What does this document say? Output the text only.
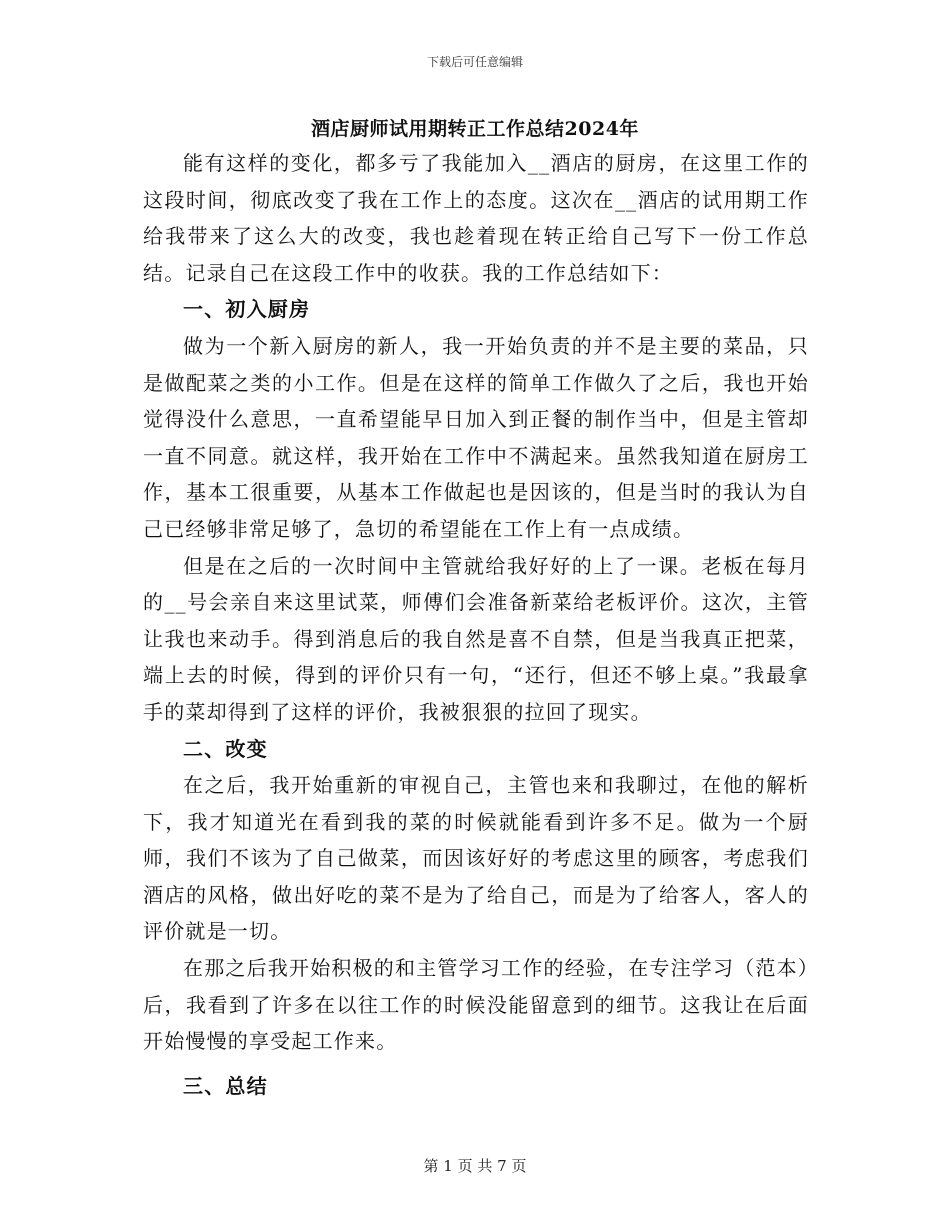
下载后可任意编辑
酒店厨师试用期转正工作总结2024年

能有这样的变化，都多亏了我能加入__酒店的厨房，在这里工作的这段时间，彻底改变了我在工作上的态度。这次在__酒店的试用期工作给我带来了这么大的改变，我也趁着现在转正给自己写下一份工作总结。记录自己在这段工作中的收获。我的工作总结如下：

一、初入厨房

做为一个新入厨房的新人，我一开始负责的并不是主要的菜品，只是做配菜之类的小工作。但是在这样的简单工作做久了之后，我也开始觉得没什么意思，一直希望能早日加入到正餐的制作当中，但是主管却一直不同意。就这样，我开始在工作中不满起来。虽然我知道在厨房工作，基本工很重要，从基本工作做起也是因该的，但是当时的我认为自己已经够非常足够了，急切的希望能在工作上有一点成绩。

但是在之后的一次时间中主管就给我好好的上了一课。老板在每月的__号会亲自来这里试菜，师傅们会准备新菜给老板评价。这次，主管让我也来动手。得到消息后的我自然是喜不自禁，但是当我真正把菜，端上去的时候，得到的评价只有一句，“还行，但还不够上桌。”我最拿手的菜却得到了这样的评价，我被狠狠的拉回了现实。

二、改变

在之后，我开始重新的审视自己，主管也来和我聊过，在他的解析下，我才知道光在看到我的菜的时候就能看到许多不足。做为一个厨师，我们不该为了自己做菜，而因该好好的考虑这里的顾客，考虑我们酒店的风格，做出好吃的菜不是为了给自己，而是为了给客人，客人的评价就是一切。

在那之后我开始积极的和主管学习工作的经验，在专注学习（范本）后，我看到了许多在以往工作的时候没能留意到的细节。这我让在后面开始慢慢的享受起工作来。

三、总结
第 1 页 共 7 页
